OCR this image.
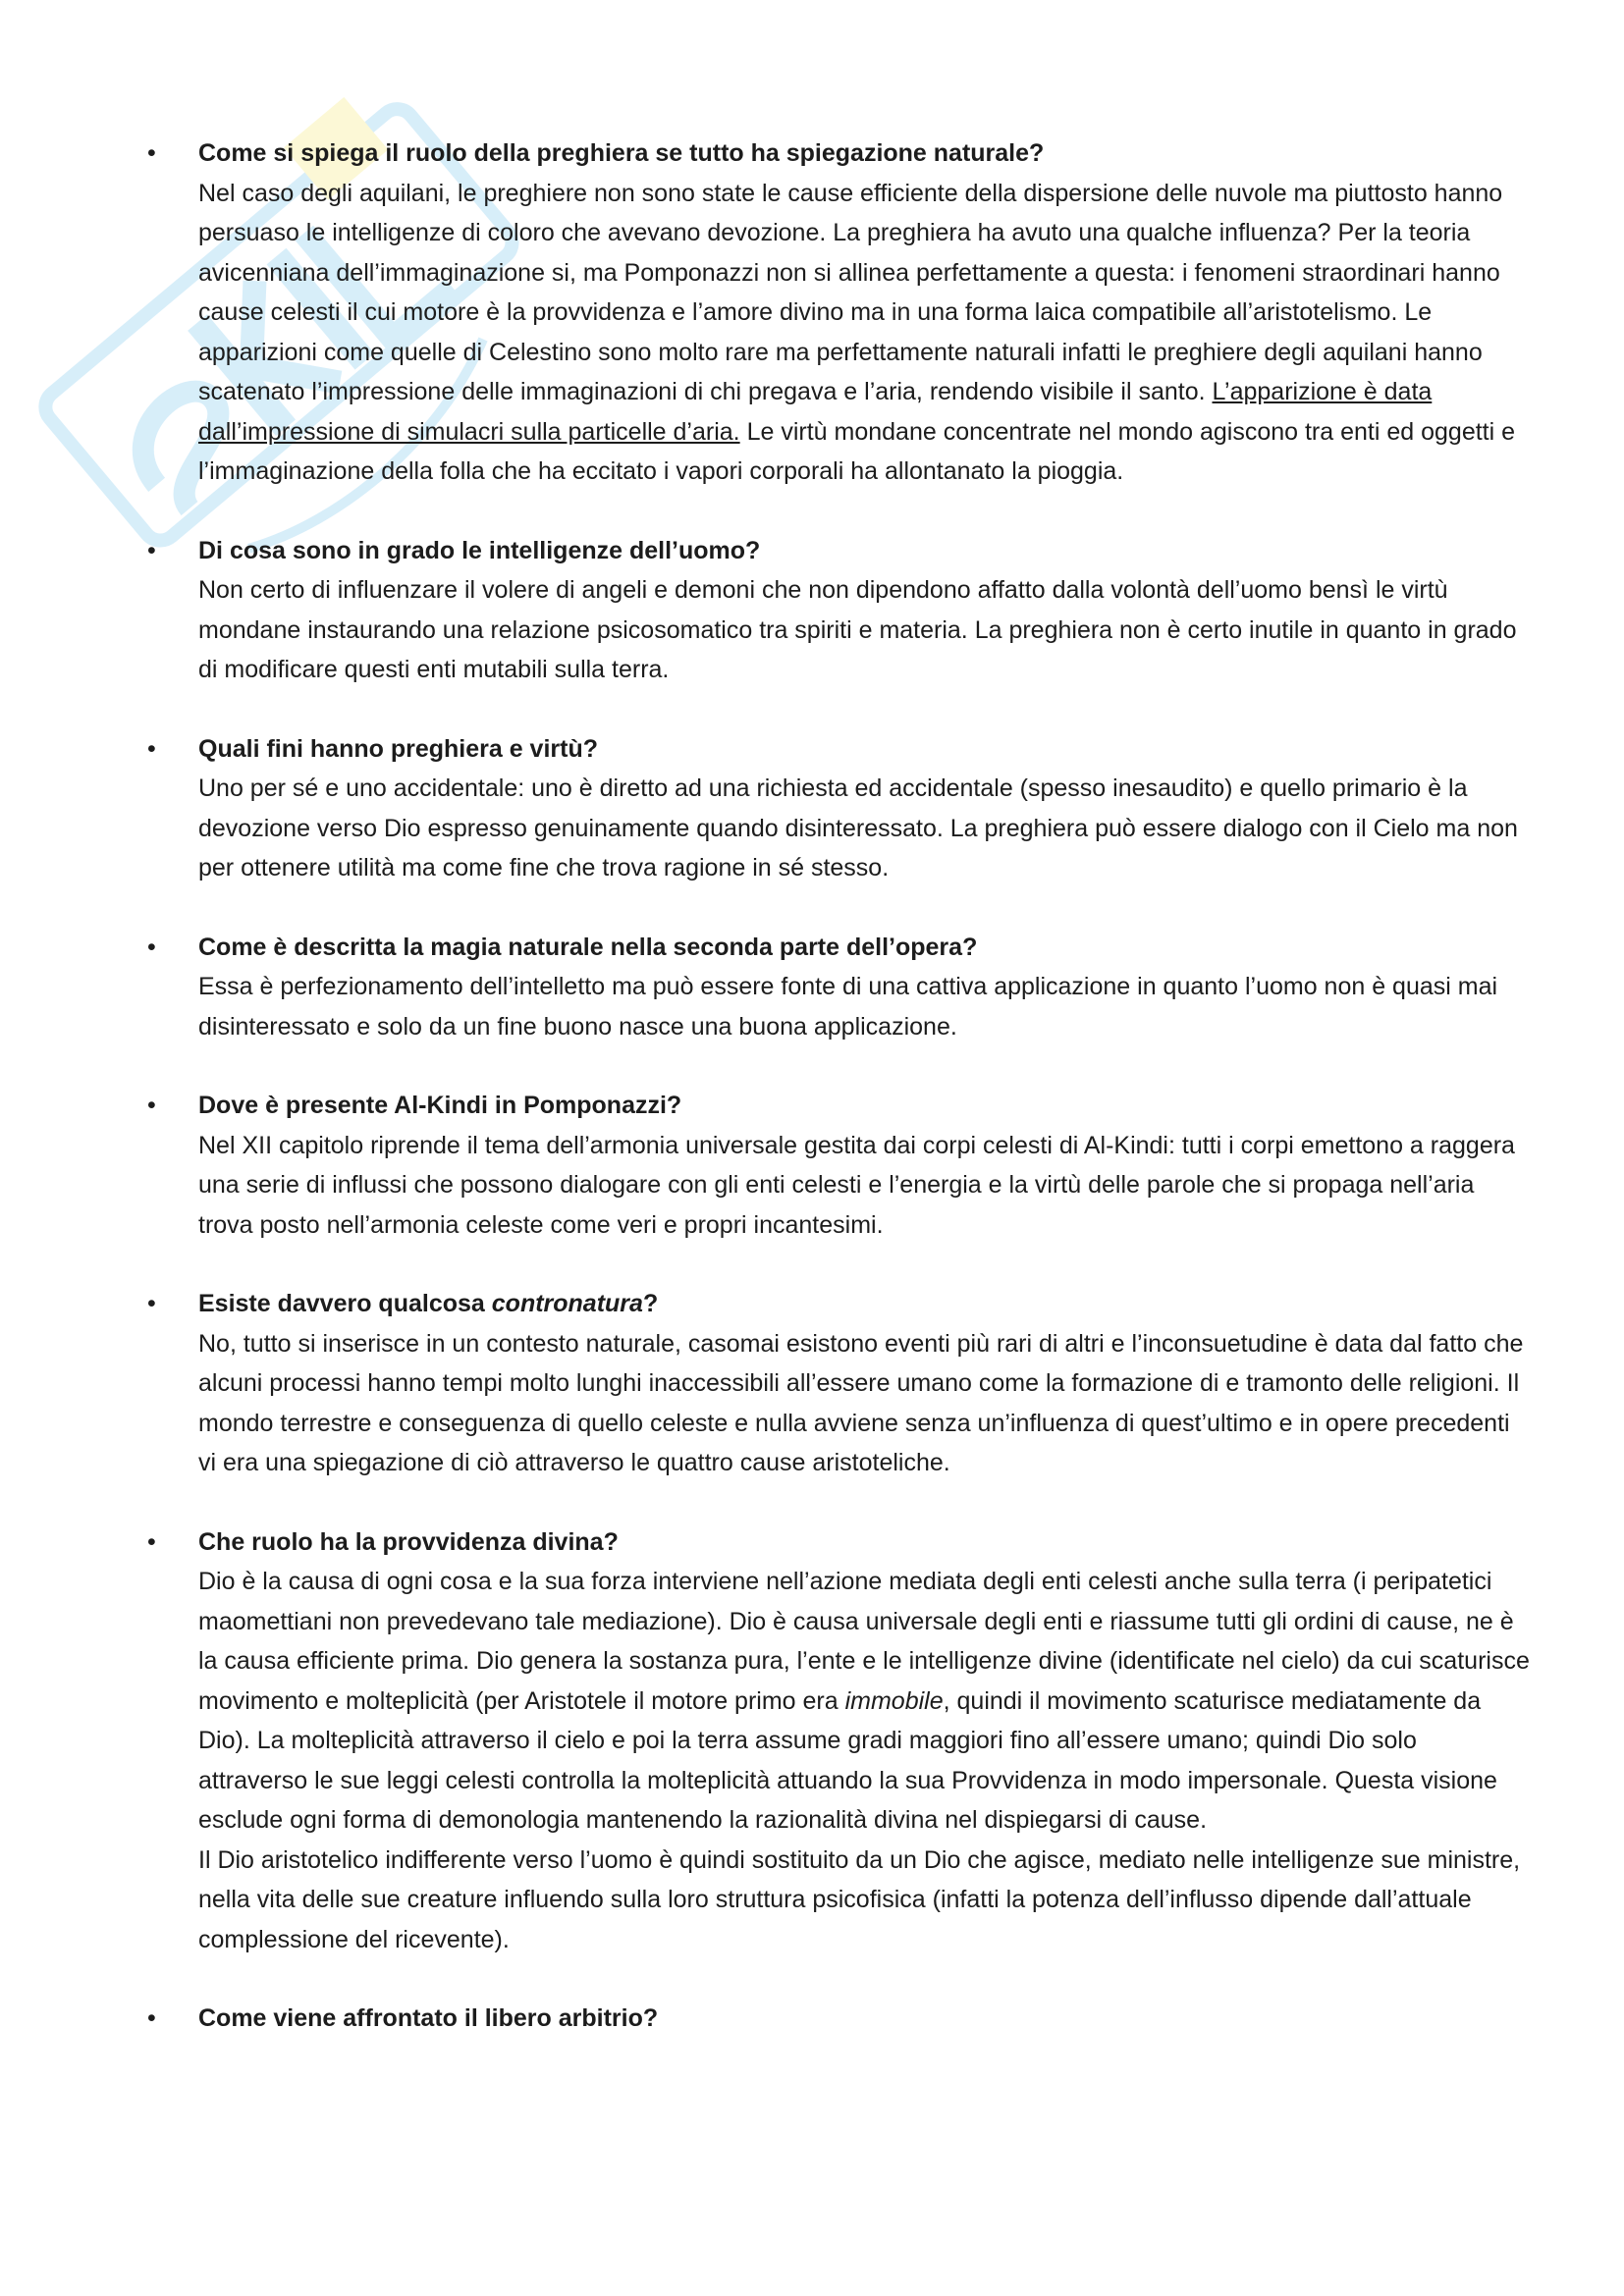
• Come si spiega il ruolo della preghiera se tutto ha spiegazione naturale?
Nel caso degli aquilani, le preghiere non sono state le cause efficiente della dispersione delle nuvole ma piuttosto hanno persuaso le intelligenze di coloro che avevano devozione. La preghiera ha avuto una qualche influenza? Per la teoria avicenniana dell’immaginazione si, ma Pomponazzi non si allinea perfettamente a questa: i fenomeni straordinari hanno cause celesti il cui motore è la provvidenza e l’amore divino ma in una forma laica compatibile all’aristotelismo. Le apparizioni come quelle di Celestino sono molto rare ma perfettamente naturali infatti le preghiere degli aquilani hanno scatenato l’impressione delle immaginazioni di chi pregava e l’aria, rendendo visibile il santo. L’apparizione è data dall’impressione di simulacri sulla particelle d’aria. Le virtù mondane concentrate nel mondo agiscono tra enti ed oggetti e l’immaginazione della folla che ha eccitato i vapori corporali ha allontanato la pioggia.
• Di cosa sono in grado le intelligenze dell’uomo?
Non certo di influenzare il volere di angeli e demoni che non dipendono affatto dalla volontà dell’uomo bensì le virtù mondane instaurando una relazione psicosomatico tra spiriti e materia. La preghiera non è certo inutile in quanto in grado di modificare questi enti mutabili sulla terra.
• Quali fini hanno preghiera e virtù?
Uno per sé e uno accidentale: uno è diretto ad una richiesta ed accidentale (spesso inesaudito) e quello primario è la devozione verso Dio espresso genuinamente quando disinteressato. La preghiera può essere dialogo con il Cielo ma non per ottenere utilità ma come fine che trova ragione in sé stesso.
• Come è descritta la magia naturale nella seconda parte dell’opera?
Essa è perfezionamento dell’intelletto ma può essere fonte di una cattiva applicazione in quanto l’uomo non è quasi mai disinteressato e solo da un fine buono nasce una buona applicazione.
• Dove è presente Al-Kindi in Pomponazzi?
Nel XII capitolo riprende il tema dell’armonia universale gestita dai corpi celesti di Al-Kindi: tutti i corpi emettono a raggera una serie di influssi che possono dialogare con gli enti celesti e l’energia e la virtù delle parole che si propaga nell’aria trova posto nell’armonia celeste come veri e propri incantesimi.
• Esiste davvero qualcosa contronatura?
No, tutto si inserisce in un contesto naturale, casomai esistono eventi più rari di altri e l’inconsuetudine è data dal fatto che alcuni processi hanno tempi molto lunghi inaccessibili all’essere umano come la formazione di e tramonto delle religioni. Il mondo terrestre e conseguenza di quello celeste e nulla avviene senza un’influenza di quest’ultimo e in opere precedenti vi era una spiegazione di ciò attraverso le quattro cause aristoteliche.
• Che ruolo ha la provvidenza divina?
Dio è la causa di ogni cosa e la sua forza interviene nell’azione mediata degli enti celesti anche sulla terra (i peripatetici maomettiani non prevedevano tale mediazione). Dio è causa universale degli enti e riassume tutti gli ordini di cause, ne è la causa efficiente prima. Dio genera la sostanza pura, l’ente e le intelligenze divine (identificate nel cielo) da cui scaturisce movimento e molteplicità (per Aristotele il motore primo era immobile, quindi il movimento scaturisce mediatamente da Dio). La molteplicità attraverso il cielo e poi la terra assume gradi maggiori fino all’essere umano; quindi Dio solo attraverso le sue leggi celesti controlla la molteplicità attuando la sua Provvidenza in modo impersonale. Questa visione esclude ogni forma di demonologia mantenendo la razionalità divina nel dispiegarsi di cause.
Il Dio aristotelico indifferente verso l’uomo è quindi sostituito da un Dio che agisce, mediato nelle intelligenze sue ministre, nella vita delle sue creature influendo sulla loro struttura psicofisica (infatti la potenza dell’influsso dipende dall’attuale complessione del ricevente).
• Come viene affrontato il libero arbitrio?
